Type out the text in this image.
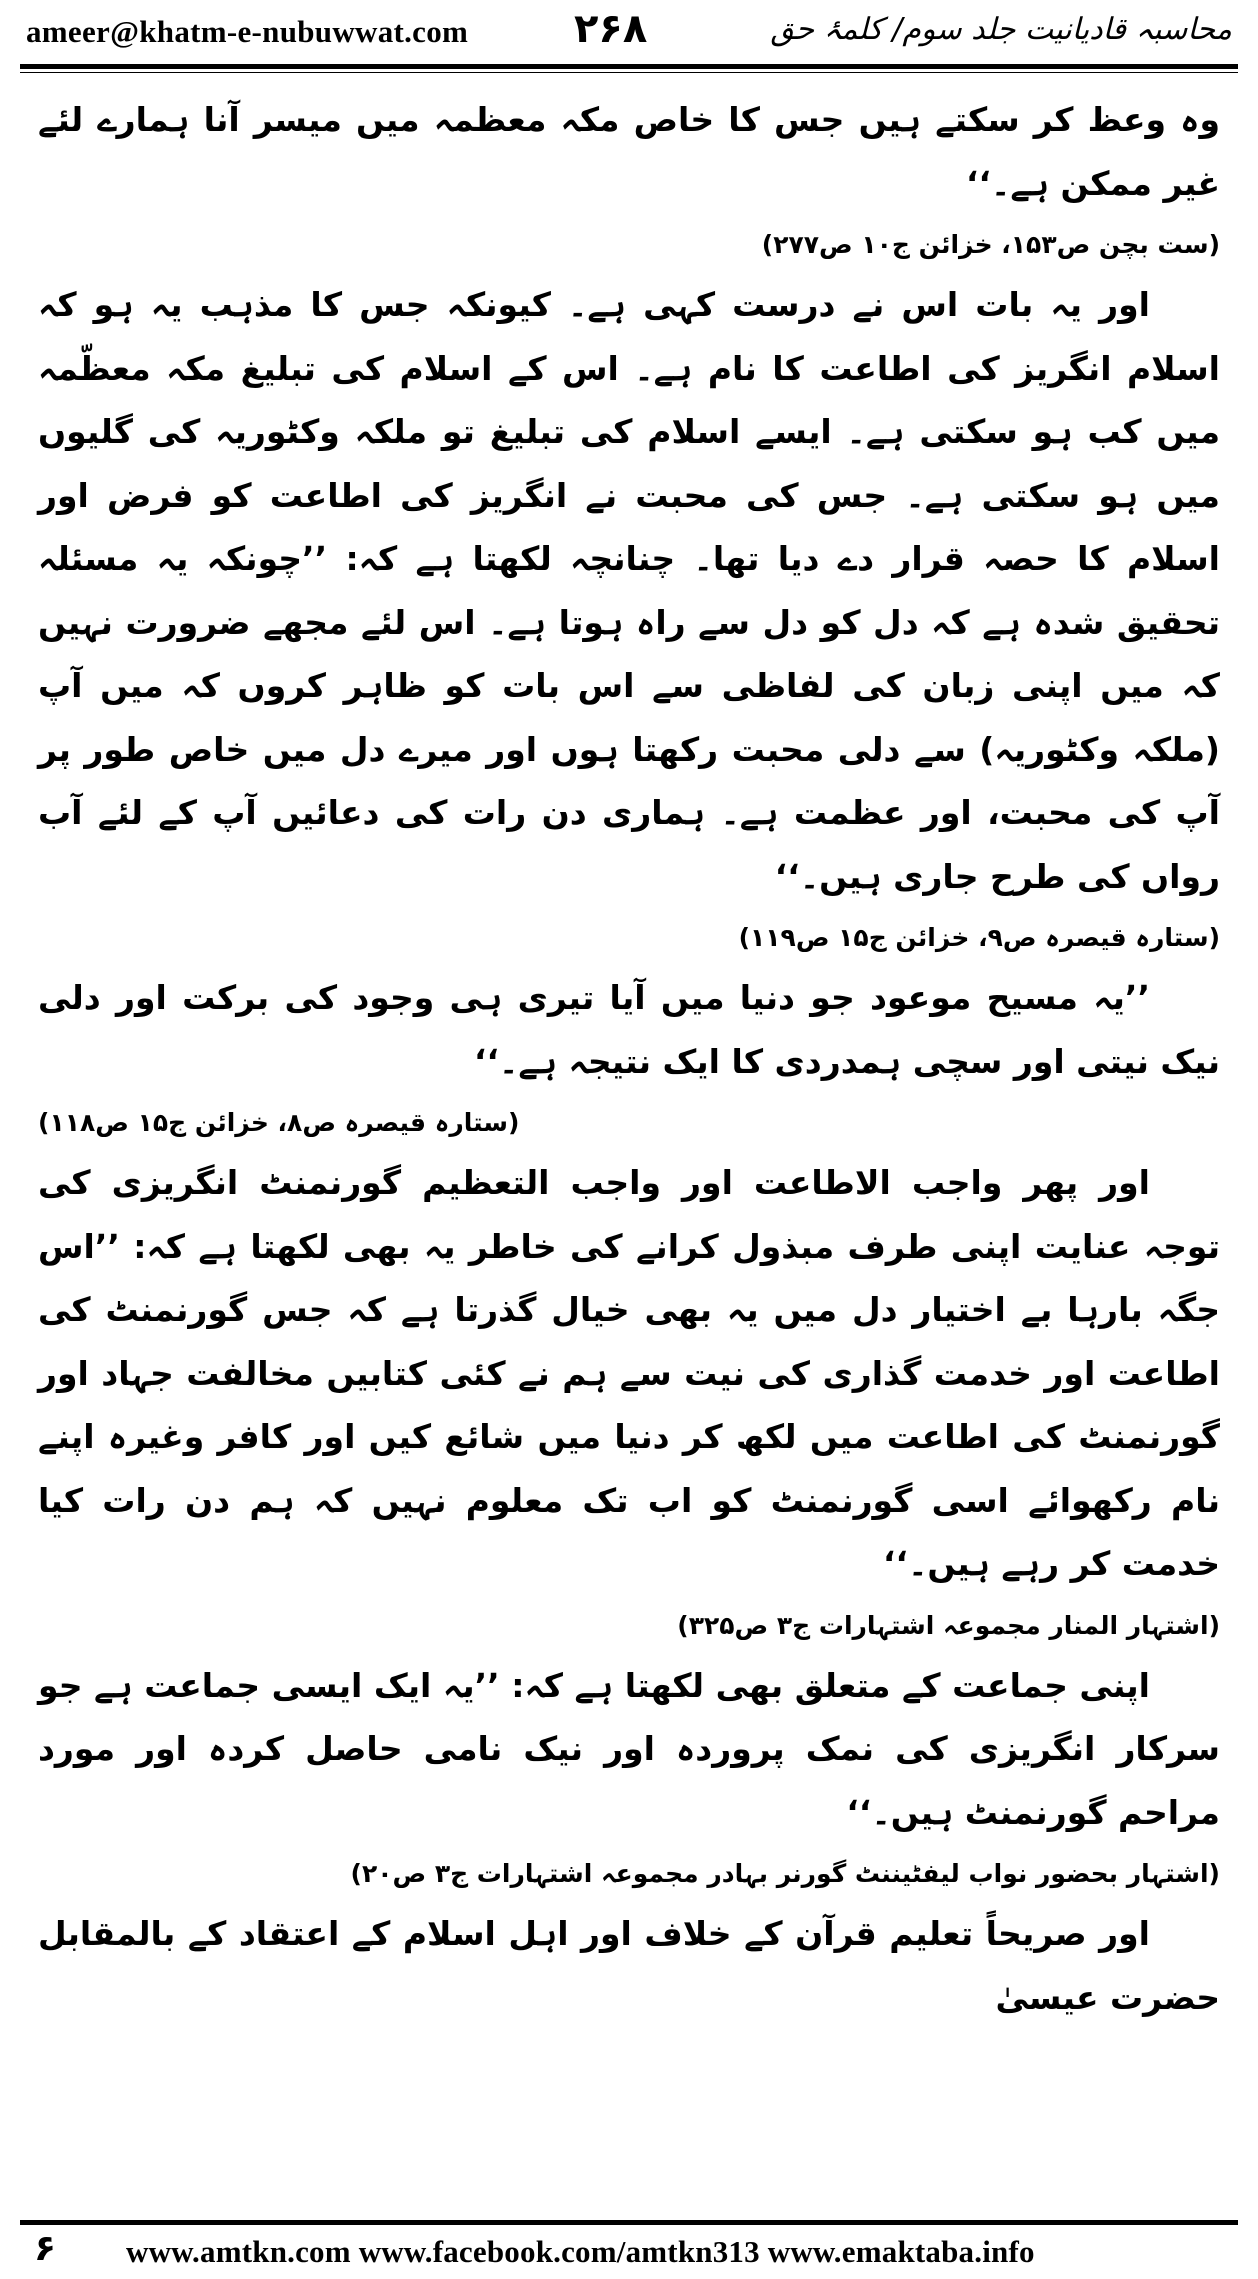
ameer@khatm-e-nubuwwat.com	۲۶۸	محاسبہ قادیانیت جلد سوم/ کلمۂ حق

وہ وعظ کر سکتے ہیں جس کا خاص مکہ معظمہ میں میسر آنا ہمارے لئے غیر ممکن ہے۔‘‘

(ست بچن ص۱۵۳، خزائن ج۱۰ ص۲۷۷)

اور یہ بات اس نے درست کہی ہے۔ کیونکہ جس کا مذہب یہ ہو کہ اسلام انگریز کی اطاعت کا نام ہے۔ اس کے اسلام کی تبلیغ مکہ معظّمہ میں کب ہو سکتی ہے۔ ایسے اسلام کی تبلیغ تو ملکہ وکٹوریہ کی گلیوں میں ہو سکتی ہے۔ جس کی محبت نے انگریز کی اطاعت کو فرض اور اسلام کا حصہ قرار دے دیا تھا۔ چنانچہ لکھتا ہے کہ: ’’چونکہ یہ مسئلہ تحقیق شدہ ہے کہ دل کو دل سے راہ ہوتا ہے۔ اس لئے مجھے ضرورت نہیں کہ میں اپنی زبان کی لفاظی سے اس بات کو ظاہر کروں کہ میں آپ (ملکہ وکٹوریہ) سے دلی محبت رکھتا ہوں اور میرے دل میں خاص طور پر آپ کی محبت، اور عظمت ہے۔ ہماری دن رات کی دعائیں آپ کے لئے آب رواں کی طرح جاری ہیں۔‘‘

(ستارہ قیصرہ ص۹، خزائن ج۱۵ ص۱۱۹)

’’یہ مسیح موعود جو دنیا میں آیا تیری ہی وجود کی برکت اور دلی نیک نیتی اور سچی ہمدردی کا ایک نتیجہ ہے۔‘‘

(ستارہ قیصرہ ص۸، خزائن ج۱۵ ص۱۱۸)

اور پھر واجب الاطاعت اور واجب التعظیم گورنمنٹ انگریزی کی توجہ عنایت اپنی طرف مبذول کرانے کی خاطر یہ بھی لکھتا ہے کہ: ’’اس جگہ بارہا بے اختیار دل میں یہ بھی خیال گذرتا ہے کہ جس گورنمنٹ کی اطاعت اور خدمت گذاری کی نیت سے ہم نے کئی کتابیں مخالفت جہاد اور گورنمنٹ کی اطاعت میں لکھ کر دنیا میں شائع کیں اور کافر وغیرہ اپنے نام رکھوائے اسی گورنمنٹ کو اب تک معلوم نہیں کہ ہم دن رات کیا خدمت کر رہے ہیں۔‘‘

(اشتہار المنار مجموعہ اشتہارات ج۳ ص۳۲۵)

اپنی جماعت کے متعلق بھی لکھتا ہے کہ: ’’یہ ایک ایسی جماعت ہے جو سرکار انگریزی کی نمک پروردہ اور نیک نامی حاصل کردہ اور مورد مراحم گورنمنٹ ہیں۔‘‘

(اشتہار بحضور نواب لیفٹیننٹ گورنر بہادر مجموعہ اشتہارات ج۳ ص۲۰)

اور صریحاً تعلیم قرآن کے خلاف اور اہل اسلام کے اعتقاد کے بالمقابل حضرت عیسیٰ

۶ www.amtkn.com www.facebook.com/amtkn313 www.emaktaba.info
